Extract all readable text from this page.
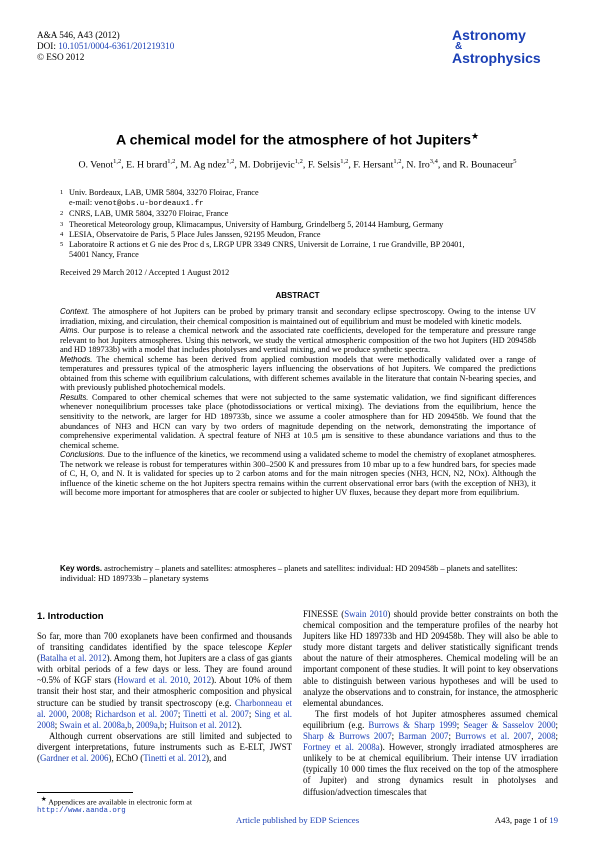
A&A 546, A43 (2012)
DOI: 10.1051/0004-6361/201219310
© ESO 2012
Astronomy
&
Astrophysics
A chemical model for the atmosphere of hot Jupiters★
O. Venot$^{1,2}$, E. H brard$^{1,2}$, M. Ag ndez$^{1,2}$, M. Dobrijevic$^{1,2}$, F. Selsis$^{1,2}$, F. Hersant$^{1,2}$, N. Iro$^{3,4}$, and R. Bounaceur$^5$
1 Univ. Bordeaux, LAB, UMR 5804, 33270 Floirac, France
e-mail: venot@obs.u-bordeaux1.fr
2 CNRS, LAB, UMR 5804, 33270 Floirac, France
3 Theoretical Meteorology group, Klimacampus, University of Hamburg, Grindelberg 5, 20144 Hamburg, Germany
4 LESIA, Observatoire de Paris, 5 Place Jules Janssen, 92195 Meudon, France
5 Laboratoire R actions et G nie des Proc d s, LRGP UPR 3349 CNRS, Universit de Lorraine, 1 rue Grandville, BP 20401,
54001 Nancy, France
Received 29 March 2012 / Accepted 1 August 2012
ABSTRACT

Context. The atmosphere of hot Jupiters can be probed by primary transit and secondary eclipse spectroscopy. Owing to the intense UV irradiation, mixing, and circulation, their chemical composition is maintained out of equilibrium and must be modeled with kinetic models.

Aims. Our purpose is to release a chemical network and the associated rate coefficients, developed for the temperature and pressure range relevant to hot Jupiters atmospheres. Using this network, we study the vertical atmospheric composition of the two hot Jupiters (HD 209458b and HD 189733b) with a model that includes photolyses and vertical mixing, and we produce synthetic spectra.

Methods. The chemical scheme has been derived from applied combustion models that were methodically validated over a range of temperatures and pressures typical of the atmospheric layers influencing the observations of hot Jupiters. We compared the predictions obtained from this scheme with equilibrium calculations, with different schemes available in the literature that contain N-bearing species, and with previously published photochemical models.

Results. Compared to other chemical schemes that were not subjected to the same systematic validation, we find significant differences whenever nonequilibrium processes take place (photodissociations or vertical mixing). The deviations from the equilibrium, hence the sensitivity to the network, are larger for HD 189733b, since we assume a cooler atmosphere than for HD 209458b. We found that the abundances of NH3 and HCN can vary by two orders of magnitude depending on the network, demonstrating the importance of comprehensive experimental validation. A spectral feature of NH3 at 10.5 μm is sensitive to these abundance variations and thus to the chemical scheme.

Conclusions. Due to the influence of the kinetics, we recommend using a validated scheme to model the chemistry of exoplanet atmospheres. The network we release is robust for temperatures within 300–2500 K and pressures from 10 mbar up to a few hundred bars, for species made of C, H, O, and N. It is validated for species up to 2 carbon atoms and for the main nitrogen species (NH3, HCN, N2, NOx). Although the influence of the kinetic scheme on the hot Jupiters spectra remains within the current observational error bars (with the exception of NH3), it will become more important for atmospheres that are cooler or subjected to higher UV fluxes, because they depart more from equilibrium.

Key words. astrochemistry – planets and satellites: atmospheres – planets and satellites: individual: HD 209458b – planets and satellites: individual: HD 189733b – planetary systems
1. Introduction

So far, more than 700 exoplanets have been confirmed and thousands of transiting candidates identified by the space telescope Kepler (Batalha et al. 2012). Among them, hot Jupiters are a class of gas giants with orbital periods of a few days or less. They are found around ~0.5% of KGF stars (Howard et al. 2010, 2012). About 10% of them transit their host star, and their atmospheric composition and physical structure can be studied by transit spectroscopy (e.g. Charbonneau et al. 2000, 2008; Richardson et al. 2007; Tinetti et al. 2007; Sing et al. 2008; Swain et al. 2008a,b, 2009a,b; Huitson et al. 2012).

Although current observations are still limited and subjected to divergent interpretations, future instruments such as E-ELT, JWST (Gardner et al. 2006), EChO (Tinetti et al. 2012), and

FINESSE (Swain 2010) should provide better constraints on both the chemical composition and the temperature profiles of the nearby hot Jupiters like HD 189733b and HD 209458b. They will also be able to study more distant targets and deliver statistically significant trends about the nature of their atmospheres. Chemical modeling will be an important component of these studies. It will point to key observations able to distinguish between various hypotheses and will be used to analyze the observations and to constrain, for instance, the atmospheric elemental abundances.

The first models of hot Jupiter atmospheres assumed chemical equilibrium (e.g. Burrows & Sharp 1999; Seager & Sasselov 2000; Sharp & Burrows 2007; Barman 2007; Burrows et al. 2007, 2008; Fortney et al. 2008a). However, strongly irradiated atmospheres are unlikely to be at chemical equilibrium. Their intense UV irradiation (typically 10 000 times the flux received on the top of the atmosphere of Jupiter) and strong dynamics result in photolyses and diffusion/advection timescales that

★ Appendices are available in electronic form at
http://www.aanda.org
Article published by EDP Sciences	A43, page 1 of 19
